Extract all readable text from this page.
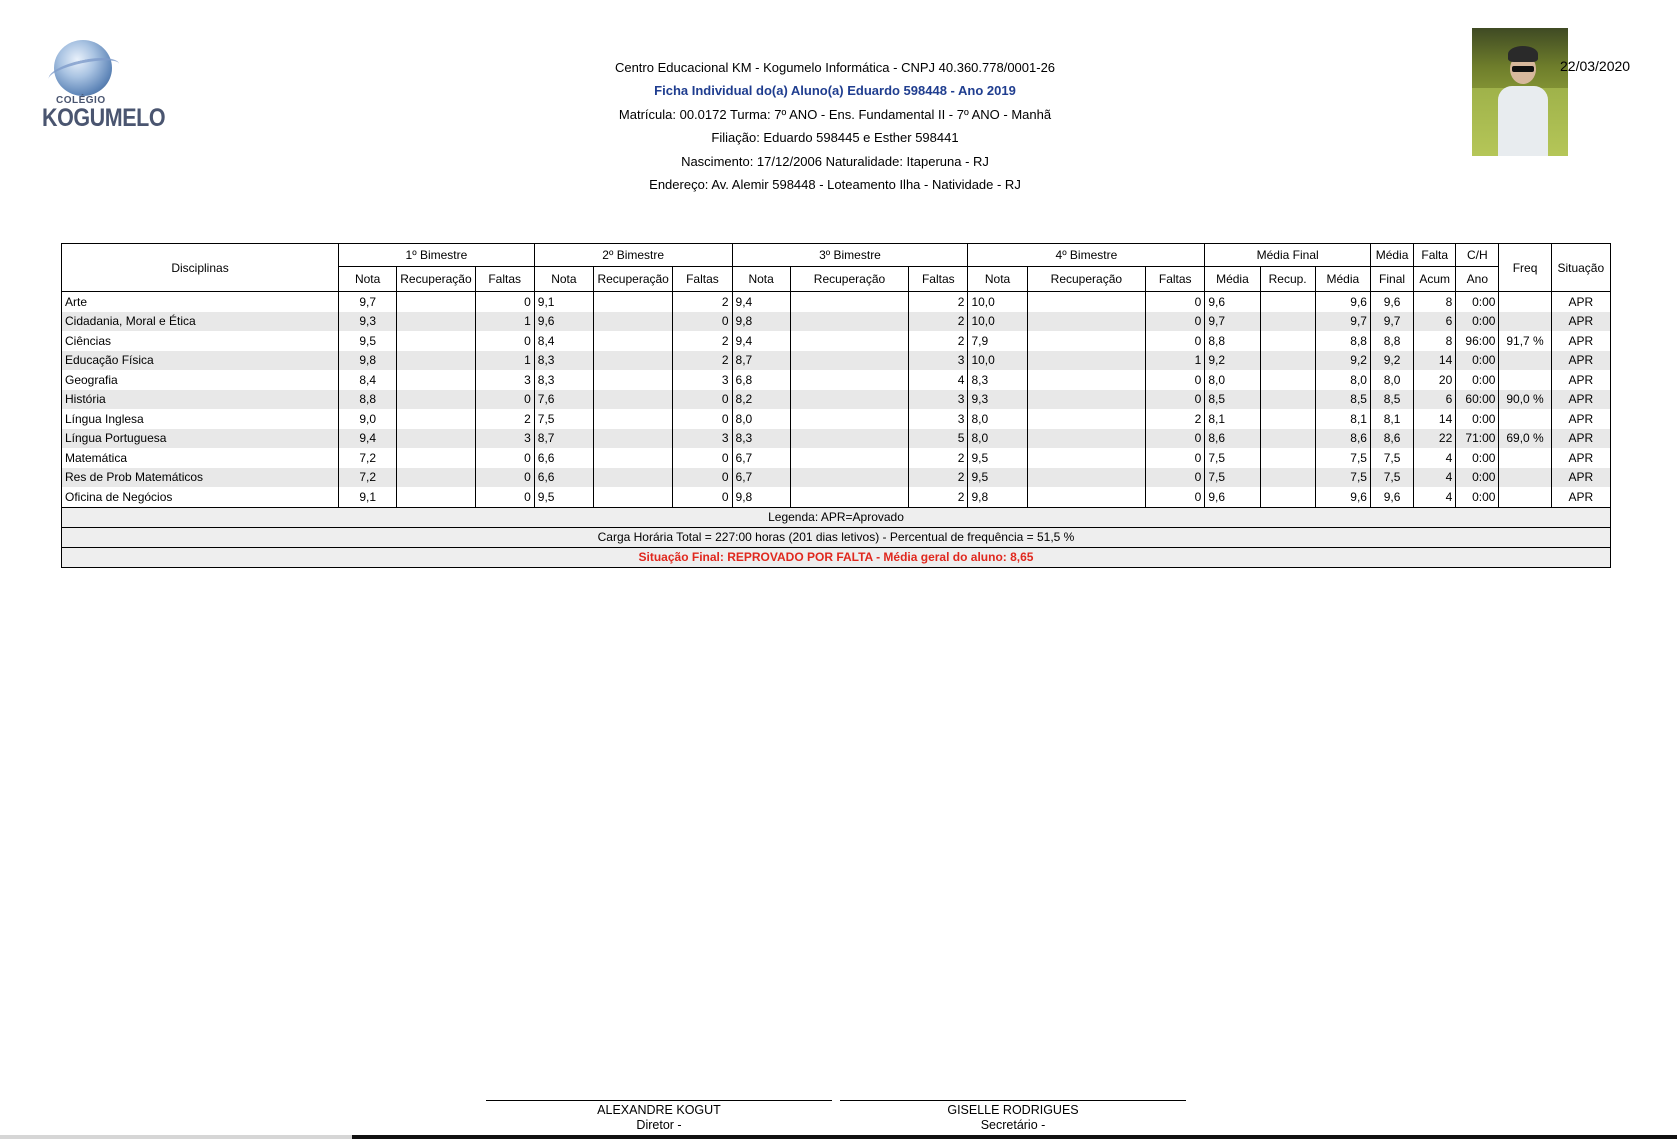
COLÉGIO
KOGUMELO
Centro Educacional KM - Kogumelo Informática - CNPJ 40.360.778/0001-26
Ficha Individual do(a) Aluno(a) Eduardo 598448 - Ano 2019
Matrícula: 00.0172 Turma: 7º ANO - Ens. Fundamental II - 7º ANO - Manhã
Filiação: Eduardo 598445 e Esther 598441
Nascimento: 17/12/2006 Naturalidade: Itaperuna - RJ
Endereço: Av. Alemir 598448 - Loteamento Ilha - Natividade - RJ
22/03/2020
Disciplinas	1º Bimestre			2º Bimestre			3º Bimestre			4º Bimestre			Média Final			Média	Falta	C/H	Freq	Situação
	Nota	Recuperação	Faltas	Nota	Recuperação	Faltas	Nota	Recuperação	Faltas	Nota	Recuperação	Faltas	Média	Recup.	Média	Final	Acum	Ano		
Arte	9,7		0	9,1		2	9,4		2	10,0		0	9,6		9,6	9,6	8	0:00		APR
Cidadania, Moral e Ética	9,3		1	9,6		0	9,8		2	10,0		0	9,7		9,7	9,7	6	0:00		APR
Ciências	9,5		0	8,4		2	9,4		2	7,9		0	8,8		8,8	8,8	8	96:00	91,7 %	APR
Educação Física	9,8		1	8,3		2	8,7		3	10,0		1	9,2		9,2	9,2	14	0:00		APR
Geografia	8,4		3	8,3		3	6,8		4	8,3		0	8,0		8,0	8,0	20	0:00		APR
História	8,8		0	7,6		0	8,2		3	9,3		0	8,5		8,5	8,5	6	60:00	90,0 %	APR
Língua Inglesa	9,0		2	7,5		0	8,0		3	8,0		2	8,1		8,1	8,1	14	0:00		APR
Língua Portuguesa	9,4		3	8,7		3	8,3		5	8,0		0	8,6		8,6	8,6	22	71:00	69,0 %	APR
Matemática	7,2		0	6,6		0	6,7		2	9,5		0	7,5		7,5	7,5	4	0:00		APR
Res de Prob Matemáticos	7,2		0	6,6		0	6,7		2	9,5		0	7,5		7,5	7,5	4	0:00		APR
Oficina de Negócios	9,1		0	9,5		0	9,8		2	9,8		0	9,6		9,6	9,6	4	0:00		APR
Legenda: APR=Aprovado																				
Carga Horária Total = 227:00 horas (201 dias letivos) - Percentual de frequência = 51,5 %																				
Situação Final: REPROVADO POR FALTA - Média geral do aluno: 8,65																				
ALEXANDRE KOGUT
Diretor -
GISELLE RODRIGUES
Secretário -
